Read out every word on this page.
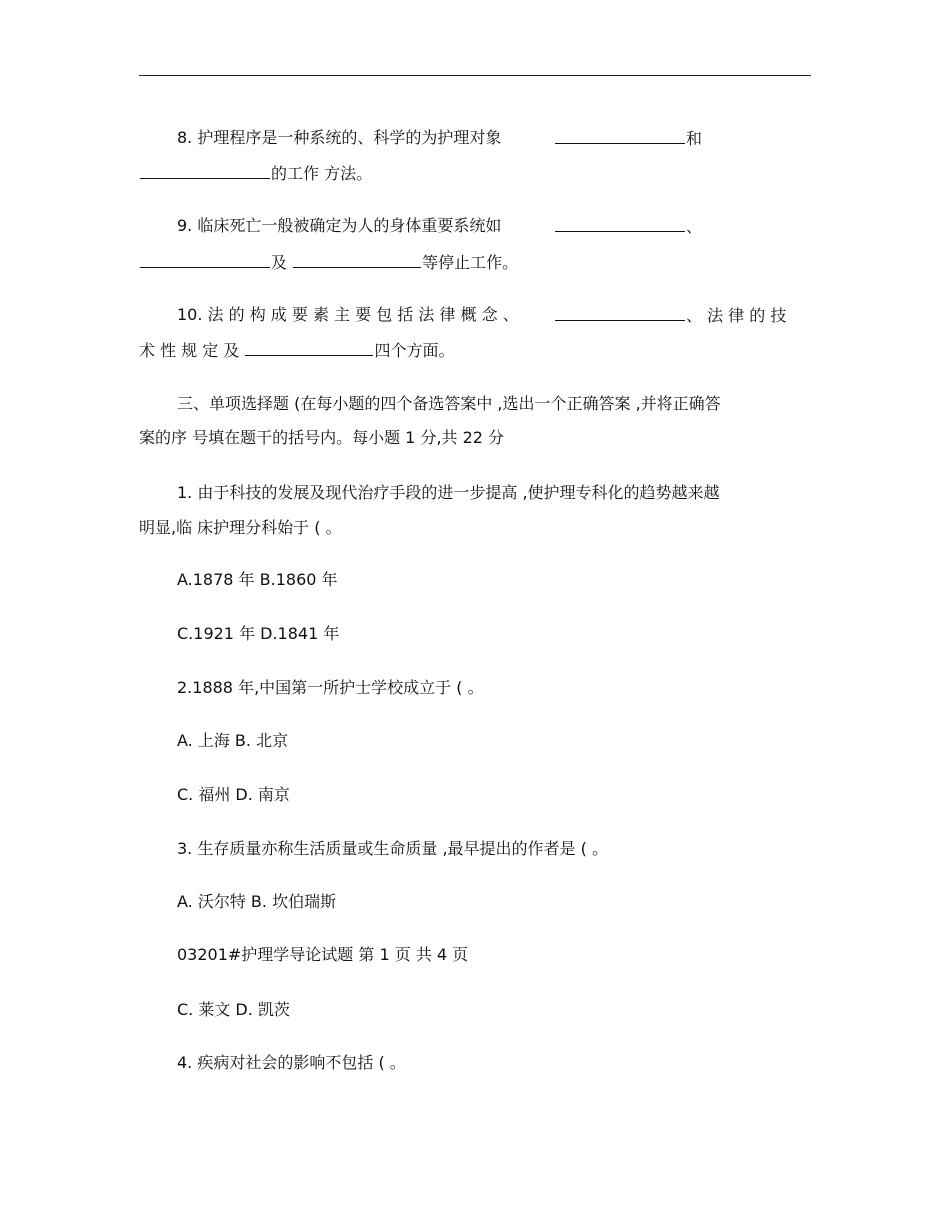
8. 护理程序是一种系统的、科学的为护理对象	和
的工作 方法。
9. 临床死亡一般被确定为人的身体重要系统如	、
及	等停止工作。
10. 法 的 构 成 要 素 主 要 包 括 法 律 概 念 、	、 法 律 的 技
术 性 规 定 及	四个方面。
三、单项选择题 (在每小题的四个备选答案中 ,选出一个正确答案 ,并将正确答
案的序 号填在题干的括号内。每小题 1 分,共 22 分
1. 由于科技的发展及现代治疗手段的进一步提高 ,使护理专科化的趋势越来越
明显,临 床护理分科始于 ( 。
A.1878 年 B.1860 年
C.1921 年 D.1841 年
2.1888 年,中国第一所护士学校成立于 ( 。
A. 上海 B. 北京
C. 福州 D. 南京
3. 生存质量亦称生活质量或生命质量 ,最早提出的作者是 ( 。
A. 沃尔特 B. 坎伯瑞斯
03201#护理学导论试题 第 1 页 共 4 页
C. 莱文 D. 凯茨
4. 疾病对社会的影响不包括 ( 。
